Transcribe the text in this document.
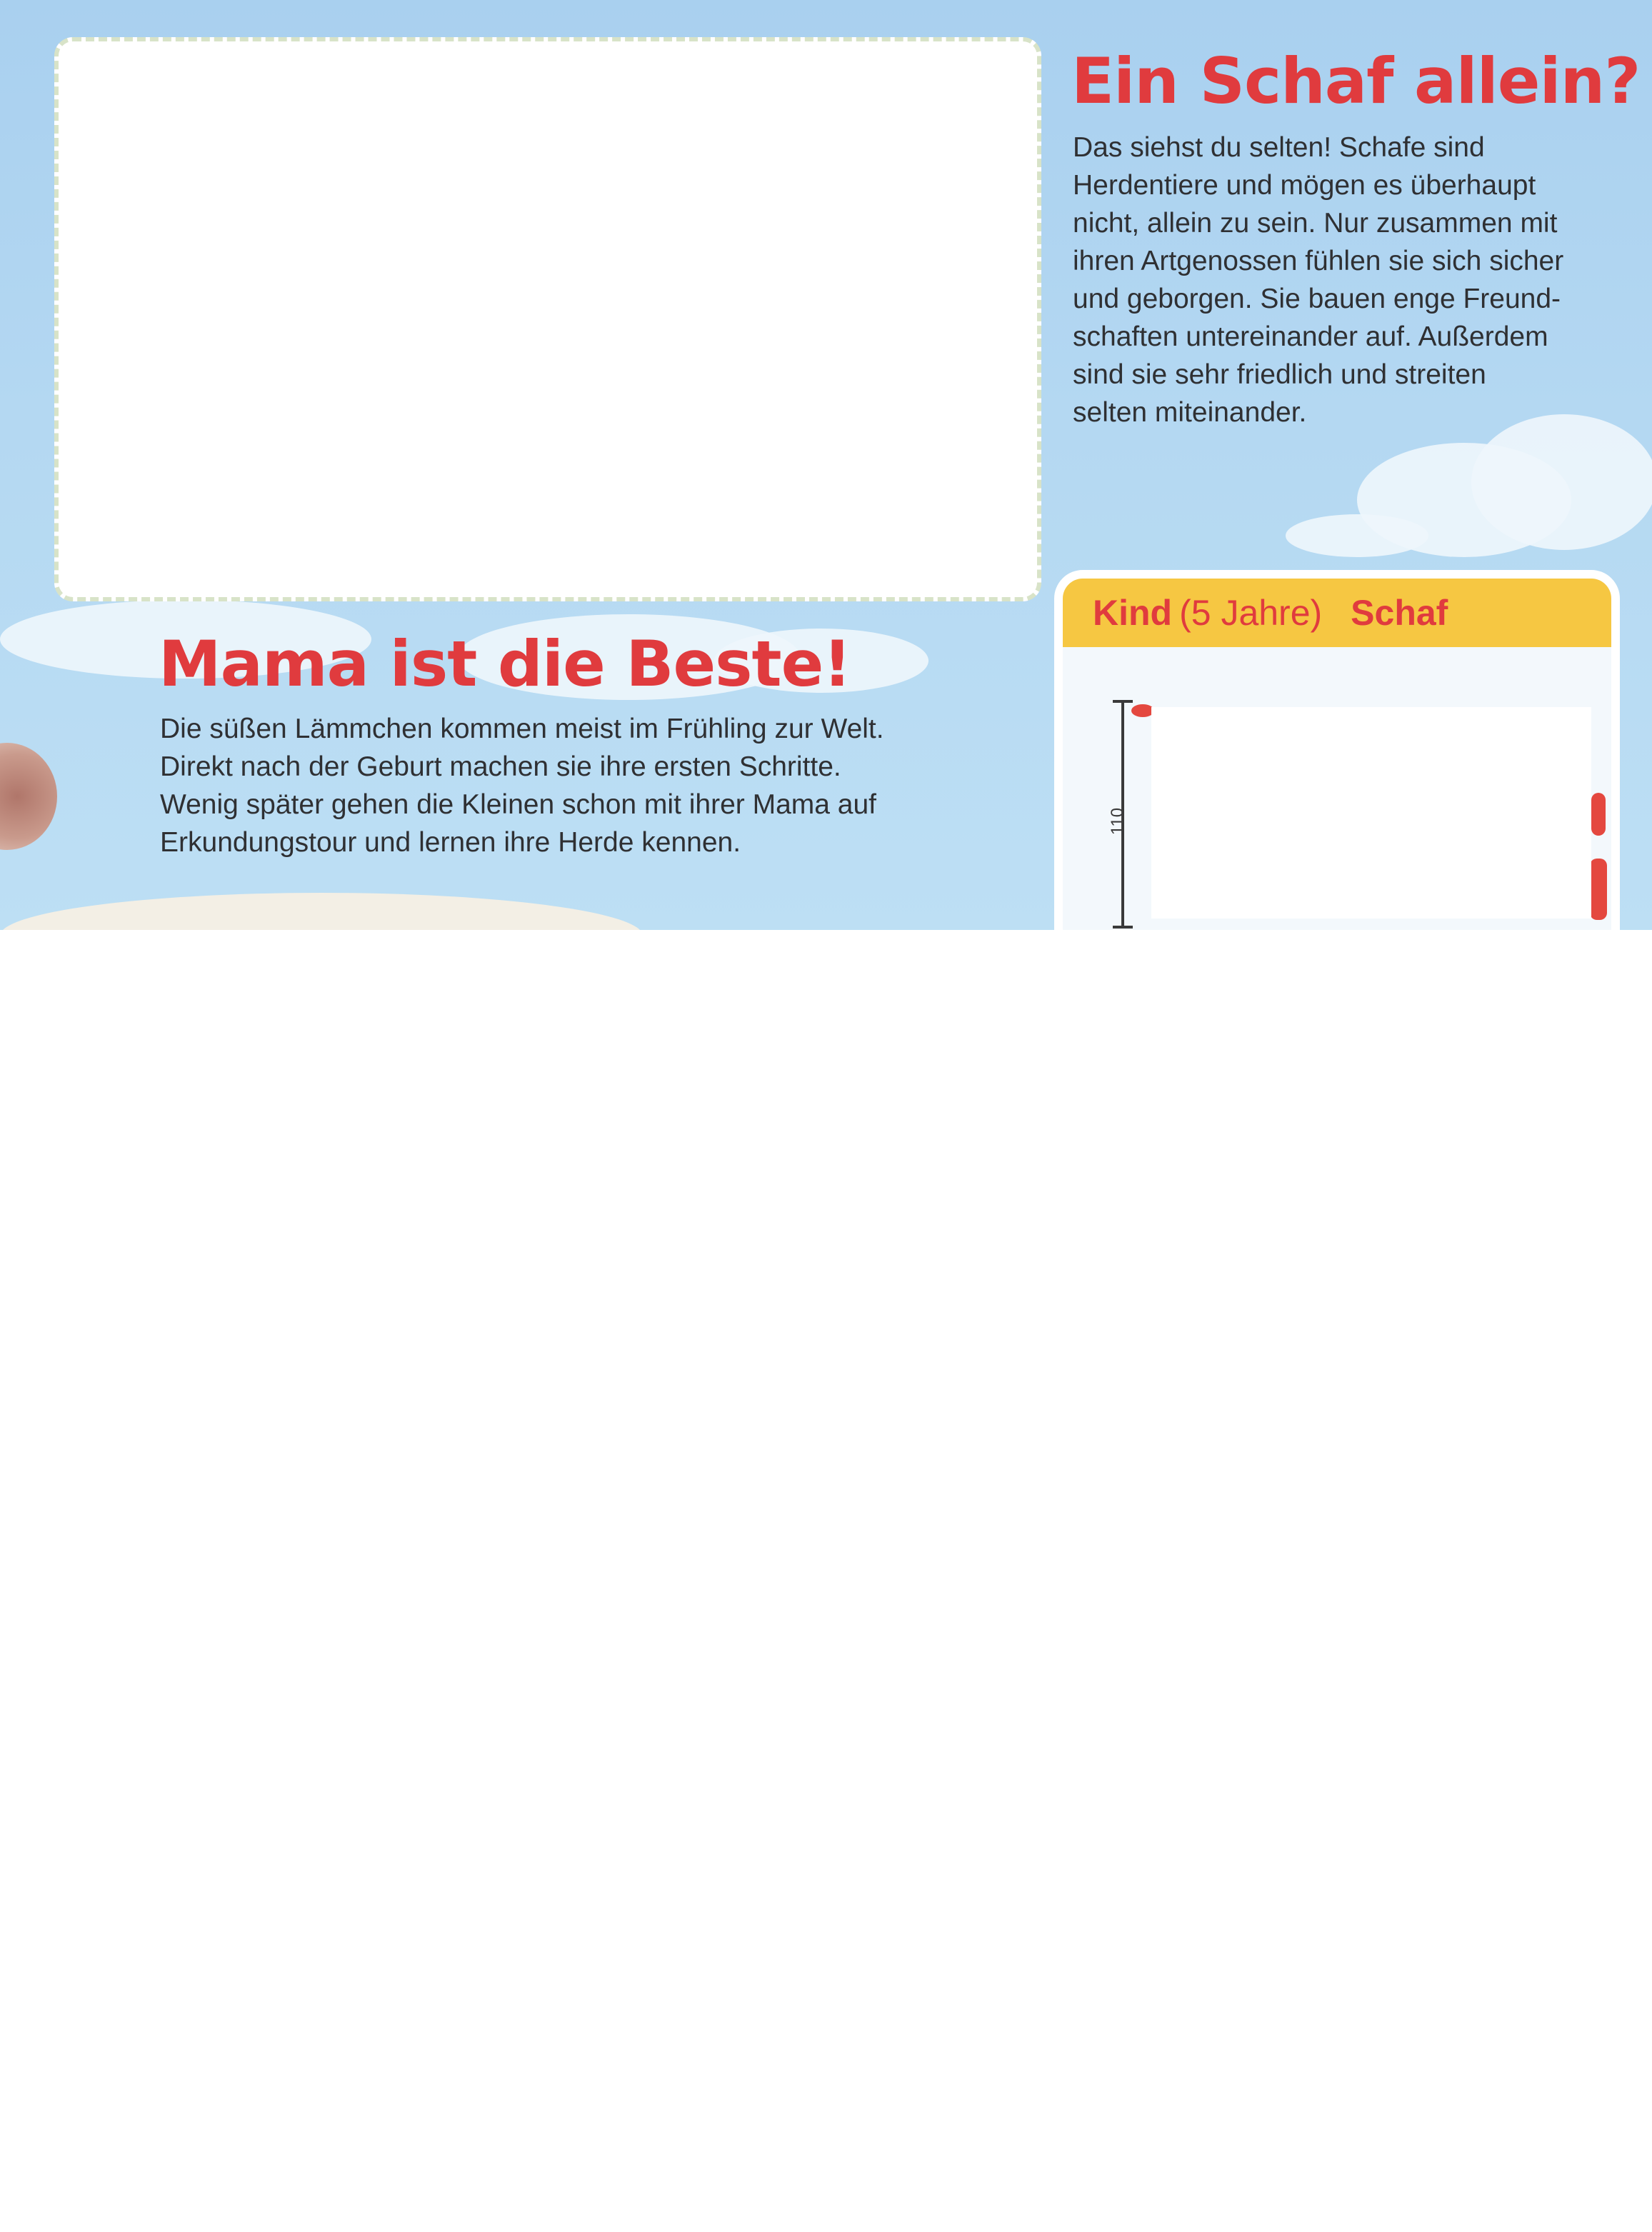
Ein Schaf allein?
Das siehst du selten! Schafe sind
Herdentiere und mögen es überhaupt
nicht, allein zu sein. Nur zusammen mit
ihren Artgenossen fühlen sie sich sicher
und geborgen. Sie bauen enge Freund-
schaften untereinander auf. Außerdem
sind sie sehr friedlich und streiten
selten miteinander.
Mama ist die Beste!
Die süßen Lämmchen kommen meist im Frühling zur Welt.
Direkt nach der Geburt machen sie ihre ersten Schritte.
Wenig später gehen die Kleinen schon mit ihrer Mama auf
Erkundungstour und lernen ihre Herde kennen.
Kind (5 Jahre) Schaf
110
